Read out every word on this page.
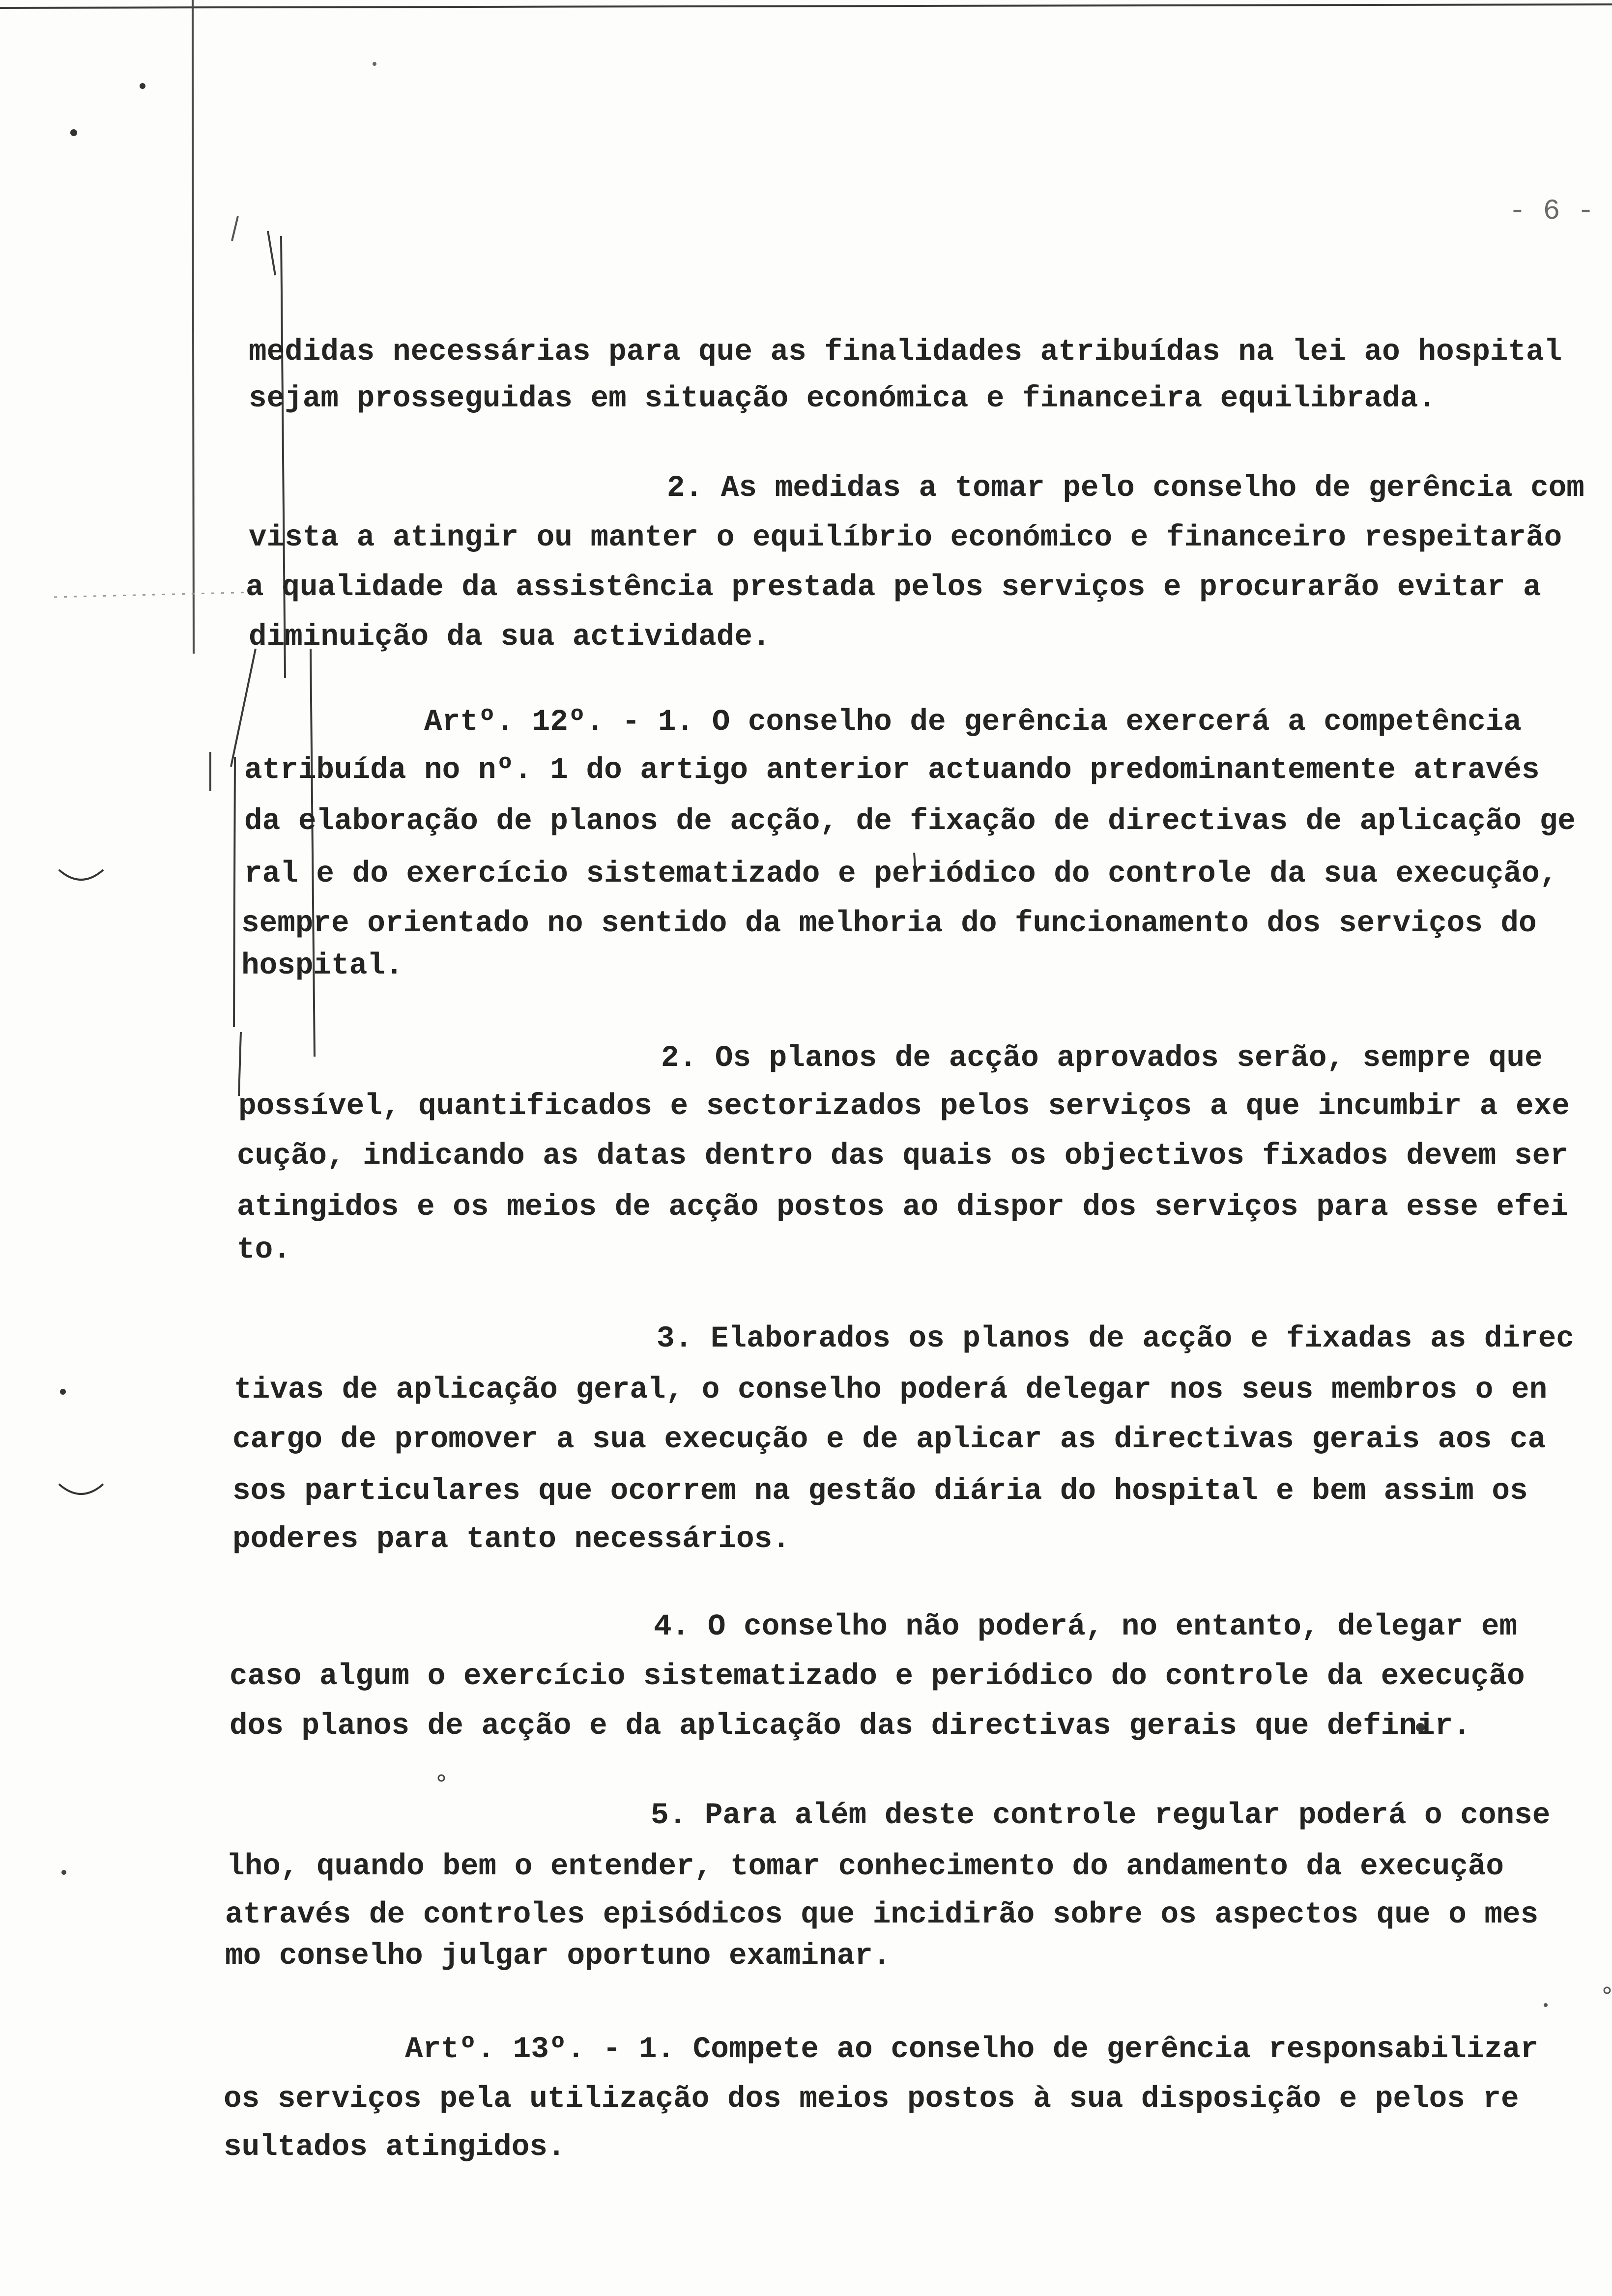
- 6 -
medidas necessárias para que as finalidades atribuídas na lei ao hospital
sejam prosseguidas em situação económica e financeira equilibrada.
2. As medidas a tomar pelo conselho de gerência com
vista a atingir ou manter o equilíbrio económico e financeiro respeitarão
a qualidade da assistência prestada pelos serviços e procurarão evitar a
diminuição da sua actividade.
Artº. 12º. - 1. O conselho de gerência exercerá a competência
atribuída no nº. 1 do artigo anterior actuando predominantemente através
da elaboração de planos de acção, de fixação de directivas de aplicação ge
ral e do exercício sistematizado e periódico do controle da sua execução,
sempre orientado no sentido da melhoria do funcionamento dos serviços do
hospital.
2. Os planos de acção aprovados serão, sempre que
possível, quantificados e sectorizados pelos serviços a que incumbir a exe
cução, indicando as datas dentro das quais os objectivos fixados devem ser
atingidos e os meios de acção postos ao dispor dos serviços para esse efei
to.
3. Elaborados os planos de acção e fixadas as direc
tivas de aplicação geral, o conselho poderá delegar nos seus membros o en
cargo de promover a sua execução e de aplicar as directivas gerais aos ca
sos particulares que ocorrem na gestão diária do hospital e bem assim os
poderes para tanto necessários.
4. O conselho não poderá, no entanto, delegar em
caso algum o exercício sistematizado e periódico do controle da execução
dos planos de acção e da aplicação das directivas gerais que definir.
5. Para além deste controle regular poderá o conse
lho, quando bem o entender, tomar conhecimento do andamento da execução
através de controles episódicos que incidirão sobre os aspectos que o mes
mo conselho julgar oportuno examinar.
Artº. 13º. - 1. Compete ao conselho de gerência responsabilizar
os serviços pela utilização dos meios postos à sua disposição e pelos re
sultados atingidos.
